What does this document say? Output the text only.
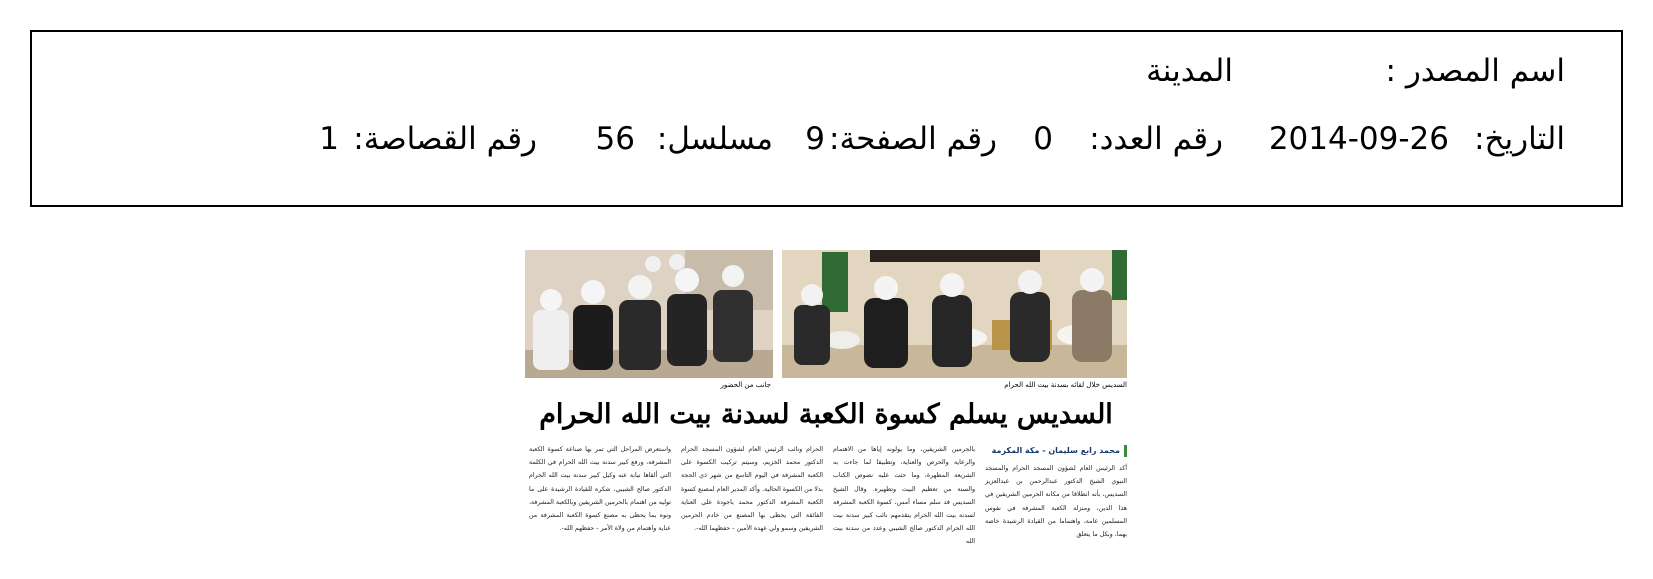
اسم المصدر :
المدينة
التاريخ:
2014-09-26
رقم العدد:
0
رقم الصفحة:
9
مسلسل:
56
رقم القصاصة:
1
السديس خلال لقائه بسدنة بيت الله الحرام
جانب من الحضور
السديس يسلم كسوة الكعبة لسدنة بيت الله الحرام
محمد رابع سليمان - مكة المكرمة
أكد الرئيس العام لشؤون المسجد الحرام والمسجد النبوي الشيخ الدكتور عبدالرحمن بن عبدالعزيز السديس، بأنه انطلاقا من مكانة الحرمين الشريفين في هذا الدين، ومنزلة الكعبة المشرفة في نفوس المسلمين عامة، واهتماما من القيادة الرشيدة خاصة بهما، وبكل ما يتعلق
بالحرمين الشريفين، وما يولونه إياها من الاهتمام والرعاية والحرص والعناية، وتطبيقا لما جاءت به الشريعة المطهرة، وما حثت عليه نصوص الكتاب والسنة من تعظيم البيت وتطهيره. وقال الشيخ السديس قد سلم مساء أمس، كسوة الكعبة المشرفة لسدنة بيت الله الحرام يتقدمهم نائب كبير سدنة بيت الله الحرام الدكتور صالح الشيبي وعدد من سدنة بيت الله
الحرام ونائب الرئيس العام لشؤون المسجد الحرام الدكتور محمد الخزيم، وسيتم تركيب الكسوة على الكعبة المشرفة في اليوم التاسع من شهر ذي الحجة بدلا من الكسوة الحالية. وأكد المدير العام لمصنع كسوة الكعبة المشرفة الدكتور محمد باجودة على العناية الفائقة التي يحظى بها المصنع من خادم الحرمين الشريفين وسمو ولي عهده الأمين - حفظهما الله-.
واستعرض المراحل التي تمر بها صناعة كسوة الكعبة المشرفة، ورفع كبير سدنة بيت الله الحرام في الكلمة التي ألقاها نيابة عنه وكيل كبير سدنة بيت الله الحرام الدكتور صالح الشيبي، شكره للقيادة الرشيدة على ما توليه من اهتمام بالحرمين الشريفين وبالكعبة المشرفة، ونوه بما يحظى به مصنع كسوة الكعبة المشرفة من عناية واهتمام من ولاة الأمر - حفظهم الله-.
